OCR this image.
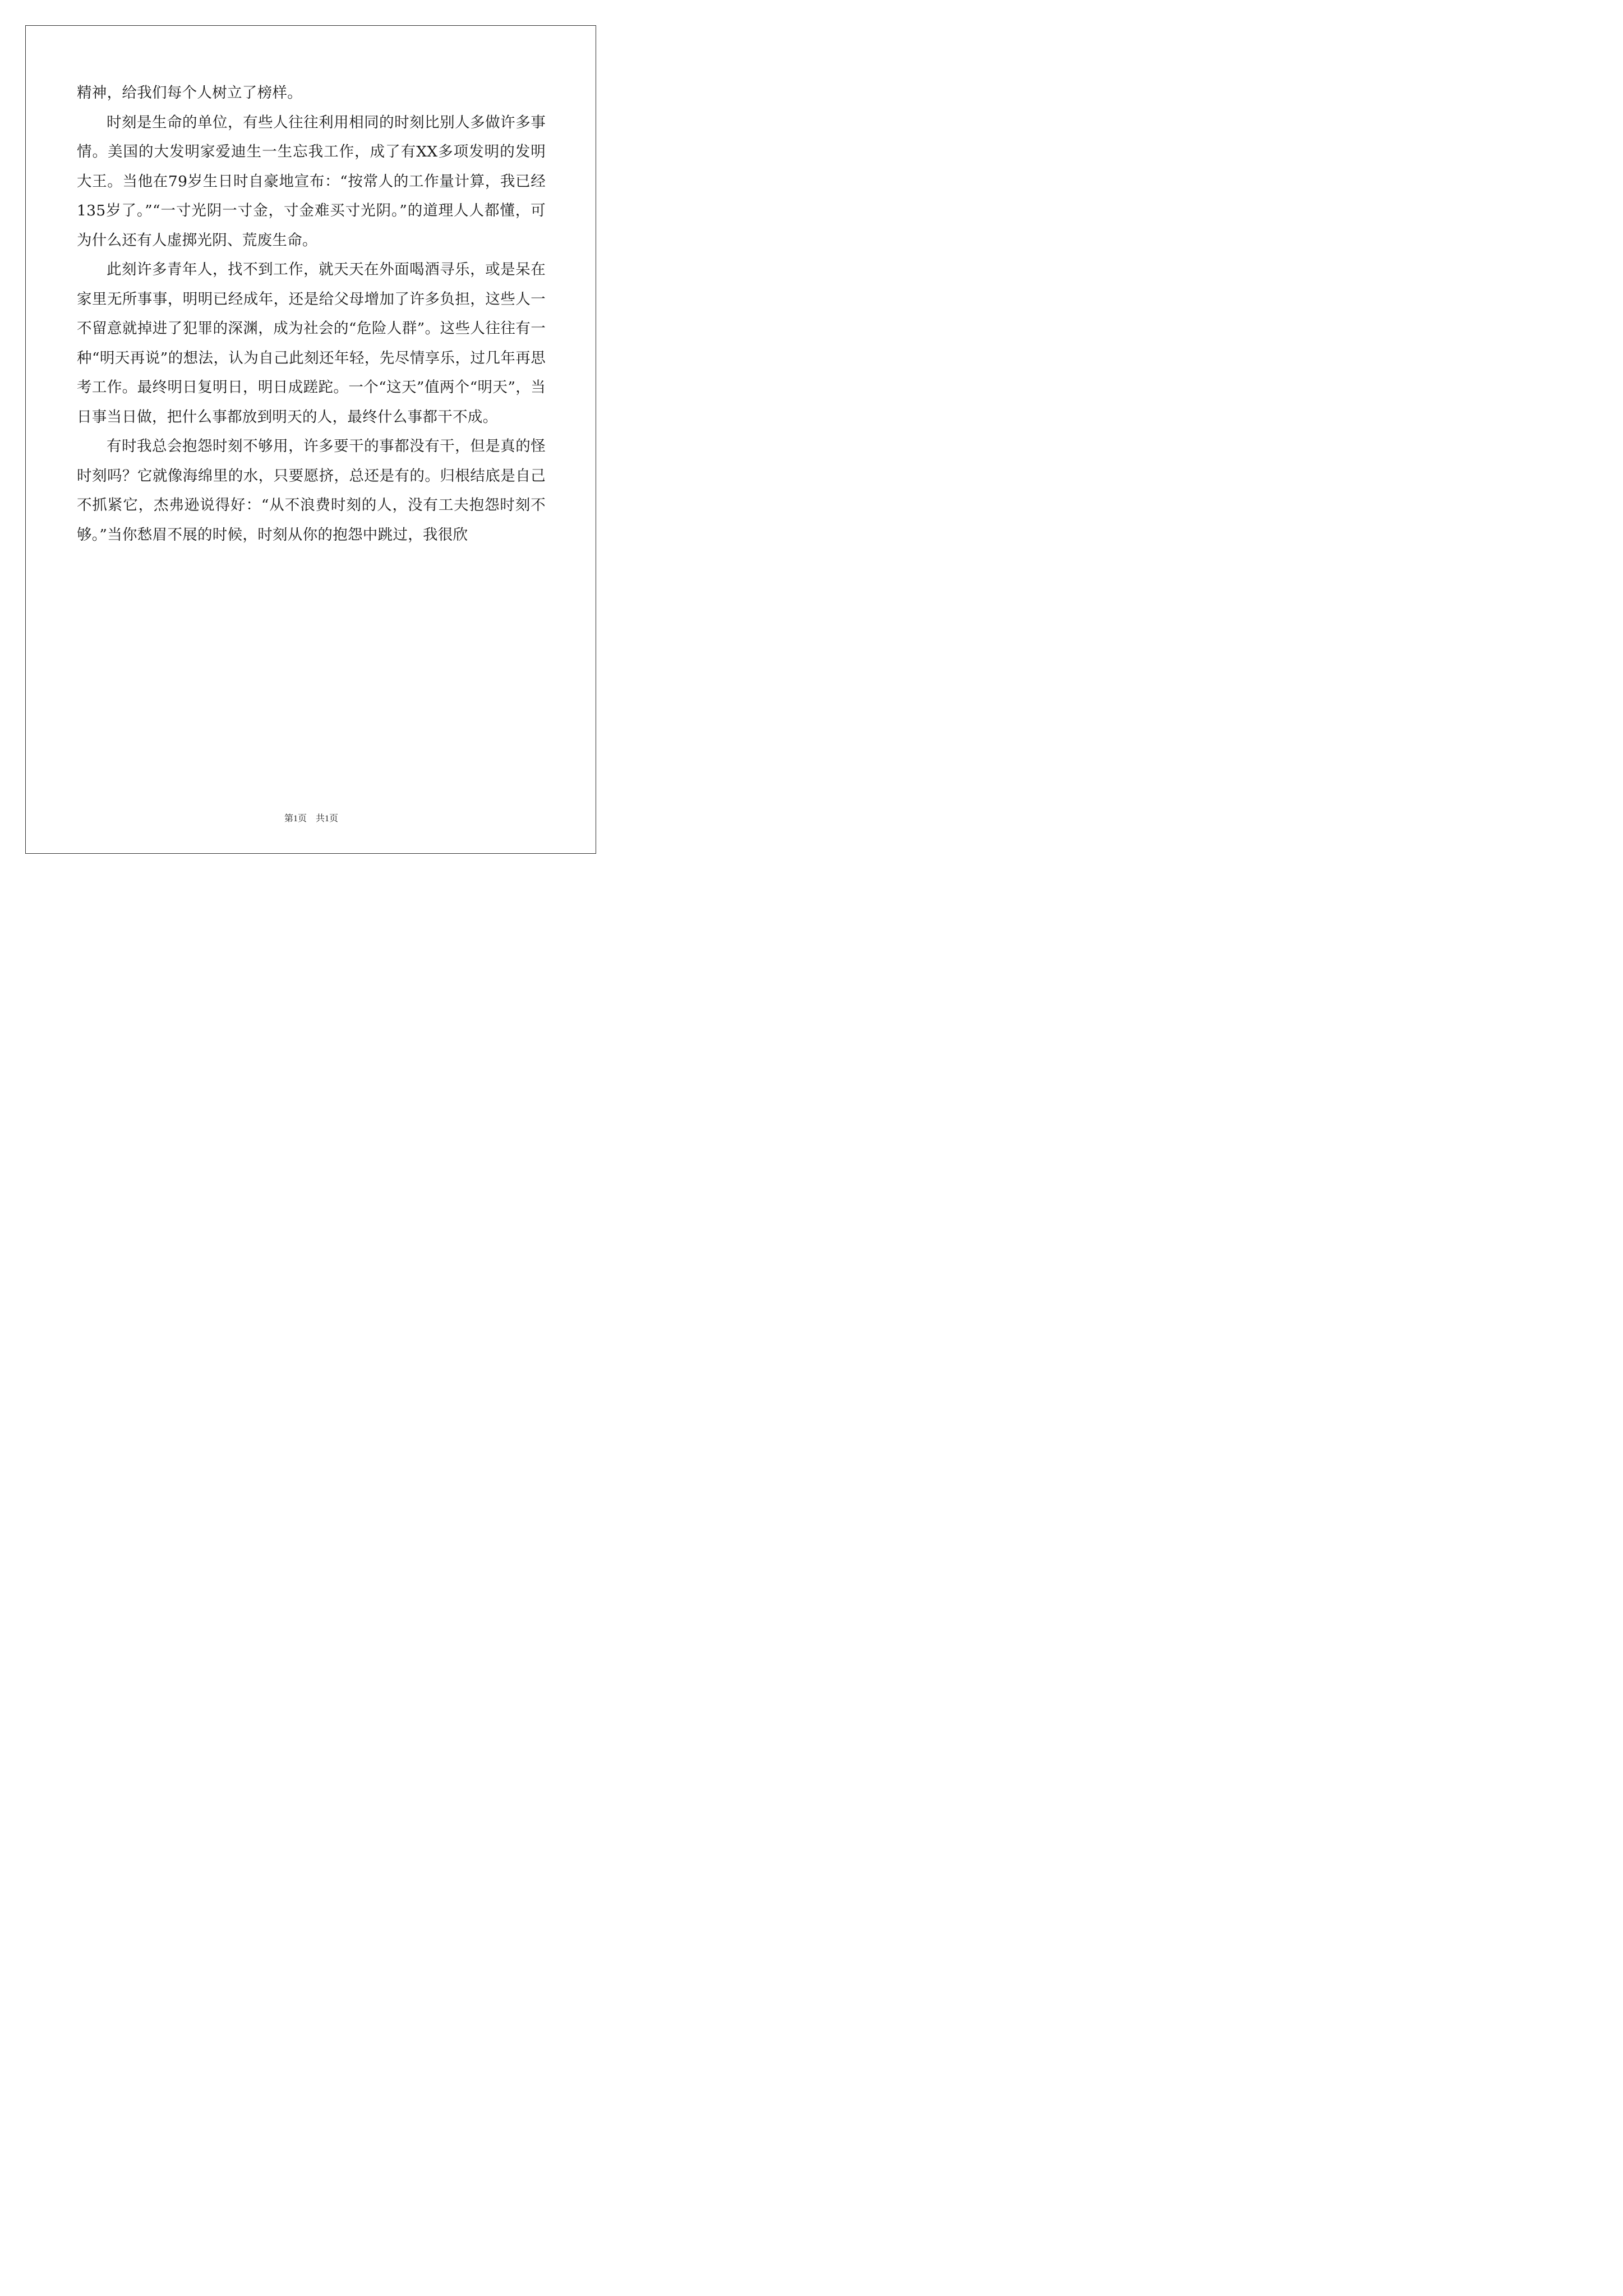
精神，给我们每个人树立了榜样。

时刻是生命的单位，有些人往往利用相同的时刻比别人多做许多事情。美国的大发明家爱迪生一生忘我工作，成了有XX多项发明的发明大王。当他在79岁生日时自豪地宣布：“按常人的工作量计算，我已经135岁了。”“一寸光阴一寸金，寸金难买寸光阴。”的道理人人都懂，可为什么还有人虚掷光阴、荒废生命。

此刻许多青年人，找不到工作，就天天在外面喝酒寻乐，或是呆在家里无所事事，明明已经成年，还是给父母增加了许多负担，这些人一不留意就掉进了犯罪的深渊，成为社会的“危险人群”。这些人往往有一种“明天再说”的想法，认为自己此刻还年轻，先尽情享乐，过几年再思考工作。最终明日复明日，明日成蹉跎。一个“这天”值两个“明天”，当日事当日做，把什么事都放到明天的人，最终什么事都干不成。

有时我总会抱怨时刻不够用，许多要干的事都没有干，但是真的怪时刻吗？它就像海绵里的水，只要愿挤，总还是有的。归根结底是自己不抓紧它，杰弗逊说得好：“从不浪费时刻的人，没有工夫抱怨时刻不够。”当你愁眉不展的时候，时刻从你的抱怨中跳过，我很欣

第1页 共1页
